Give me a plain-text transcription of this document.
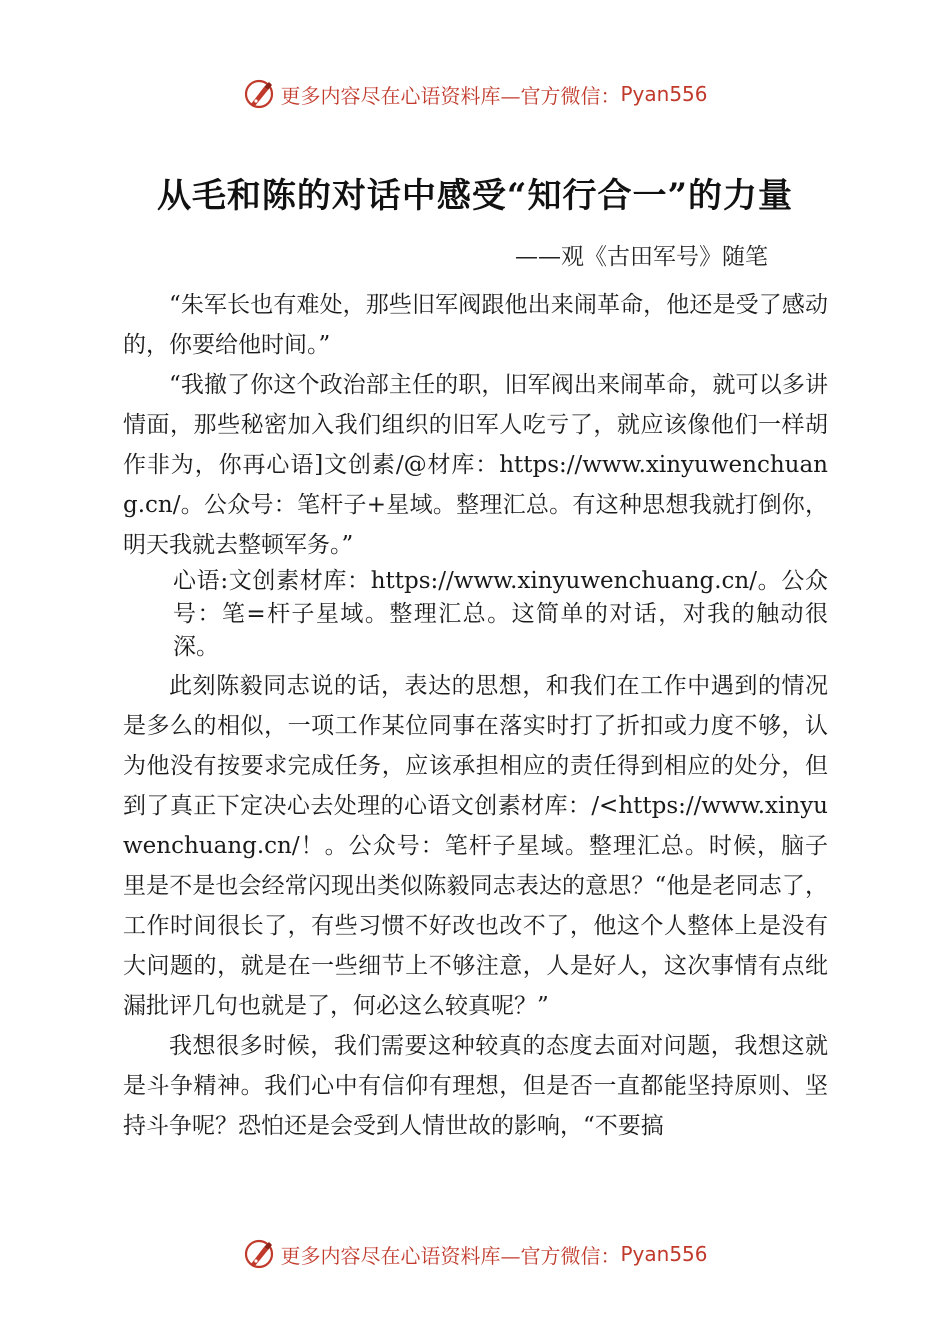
更多内容尽在心语资料库—官方微信： Pyan556
从毛和陈的对话中感受“知行合一”的力量
——观《古田军号》随笔

“朱军长也有难处，那些旧军阀跟他出来闹革命，他还是受了感动的，你要给他时间。”

“我撤了你这个政治部主任的职，旧军阀出来闹革命，就可以多讲情面，那些秘密加入我们组织的旧军人吃亏了，就应该像他们一样胡作非为，你再心语]文创素/@材库：https://www.xinyuwenchuang.cn/。公众号：笔杆子+星域。整理汇总。有这种思想我就打倒你，明天我就去整顿军务。”

心语:文创素材库：https://www.xinyuwenchuang.cn/。公众号：笔=杆子星域。整理汇总。这简单的对话，对我的触动很深。

此刻陈毅同志说的话，表达的思想，和我们在工作中遇到的情况是多么的相似，一项工作某位同事在落实时打了折扣或力度不够，认为他没有按要求完成任务，应该承担相应的责任得到相应的处分，但到了真正下定决心去处理的心语文创素材库：/<https://www.xinyuwenchuang.cn/！。公众号：笔杆子星域。整理汇总。时候，脑子里是不是也会经常闪现出类似陈毅同志表达的意思？“他是老同志了，工作时间很长了，有些习惯不好改也改不了，他这个人整体上是没有大问题的，就是在一些细节上不够注意，人是好人，这次事情有点纰漏批评几句也就是了，何必这么较真呢？”

我想很多时候，我们需要这种较真的态度去面对问题，我想这就是斗争精神。我们心中有信仰有理想，但是否一直都能坚持原则、坚持斗争呢？恐怕还是会受到人情世故的影响，“不要搞

更多内容尽在心语资料库—官方微信： Pyan556
